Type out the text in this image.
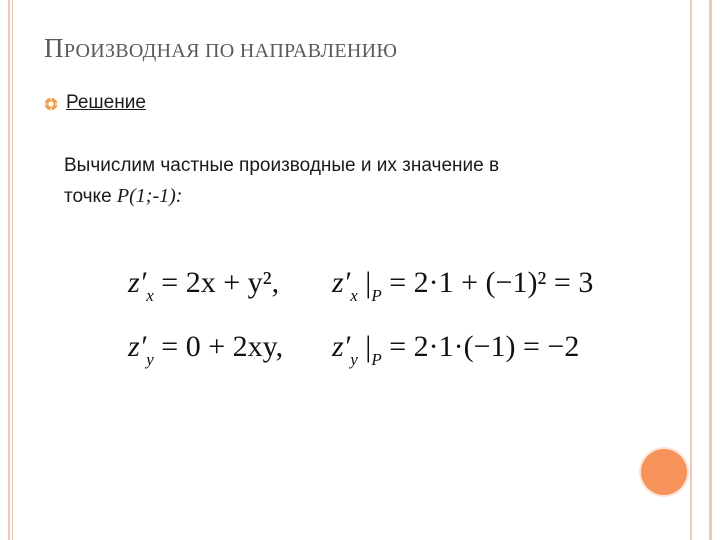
ПРОИЗВОДНАЯ ПО НАПРАВЛЕНИЮ
Решение
Вычислим частные производные и их значение в
точке P(1;-1):
$z'_x = 2x + y^2$, $z'_x$ $|_P = 2\cdot 1 + (-1)^2 = 3$
$z'_y = 0 + 2xy$, $z'_y$ $|_P = 2\cdot 1\cdot(-1) = -2$
